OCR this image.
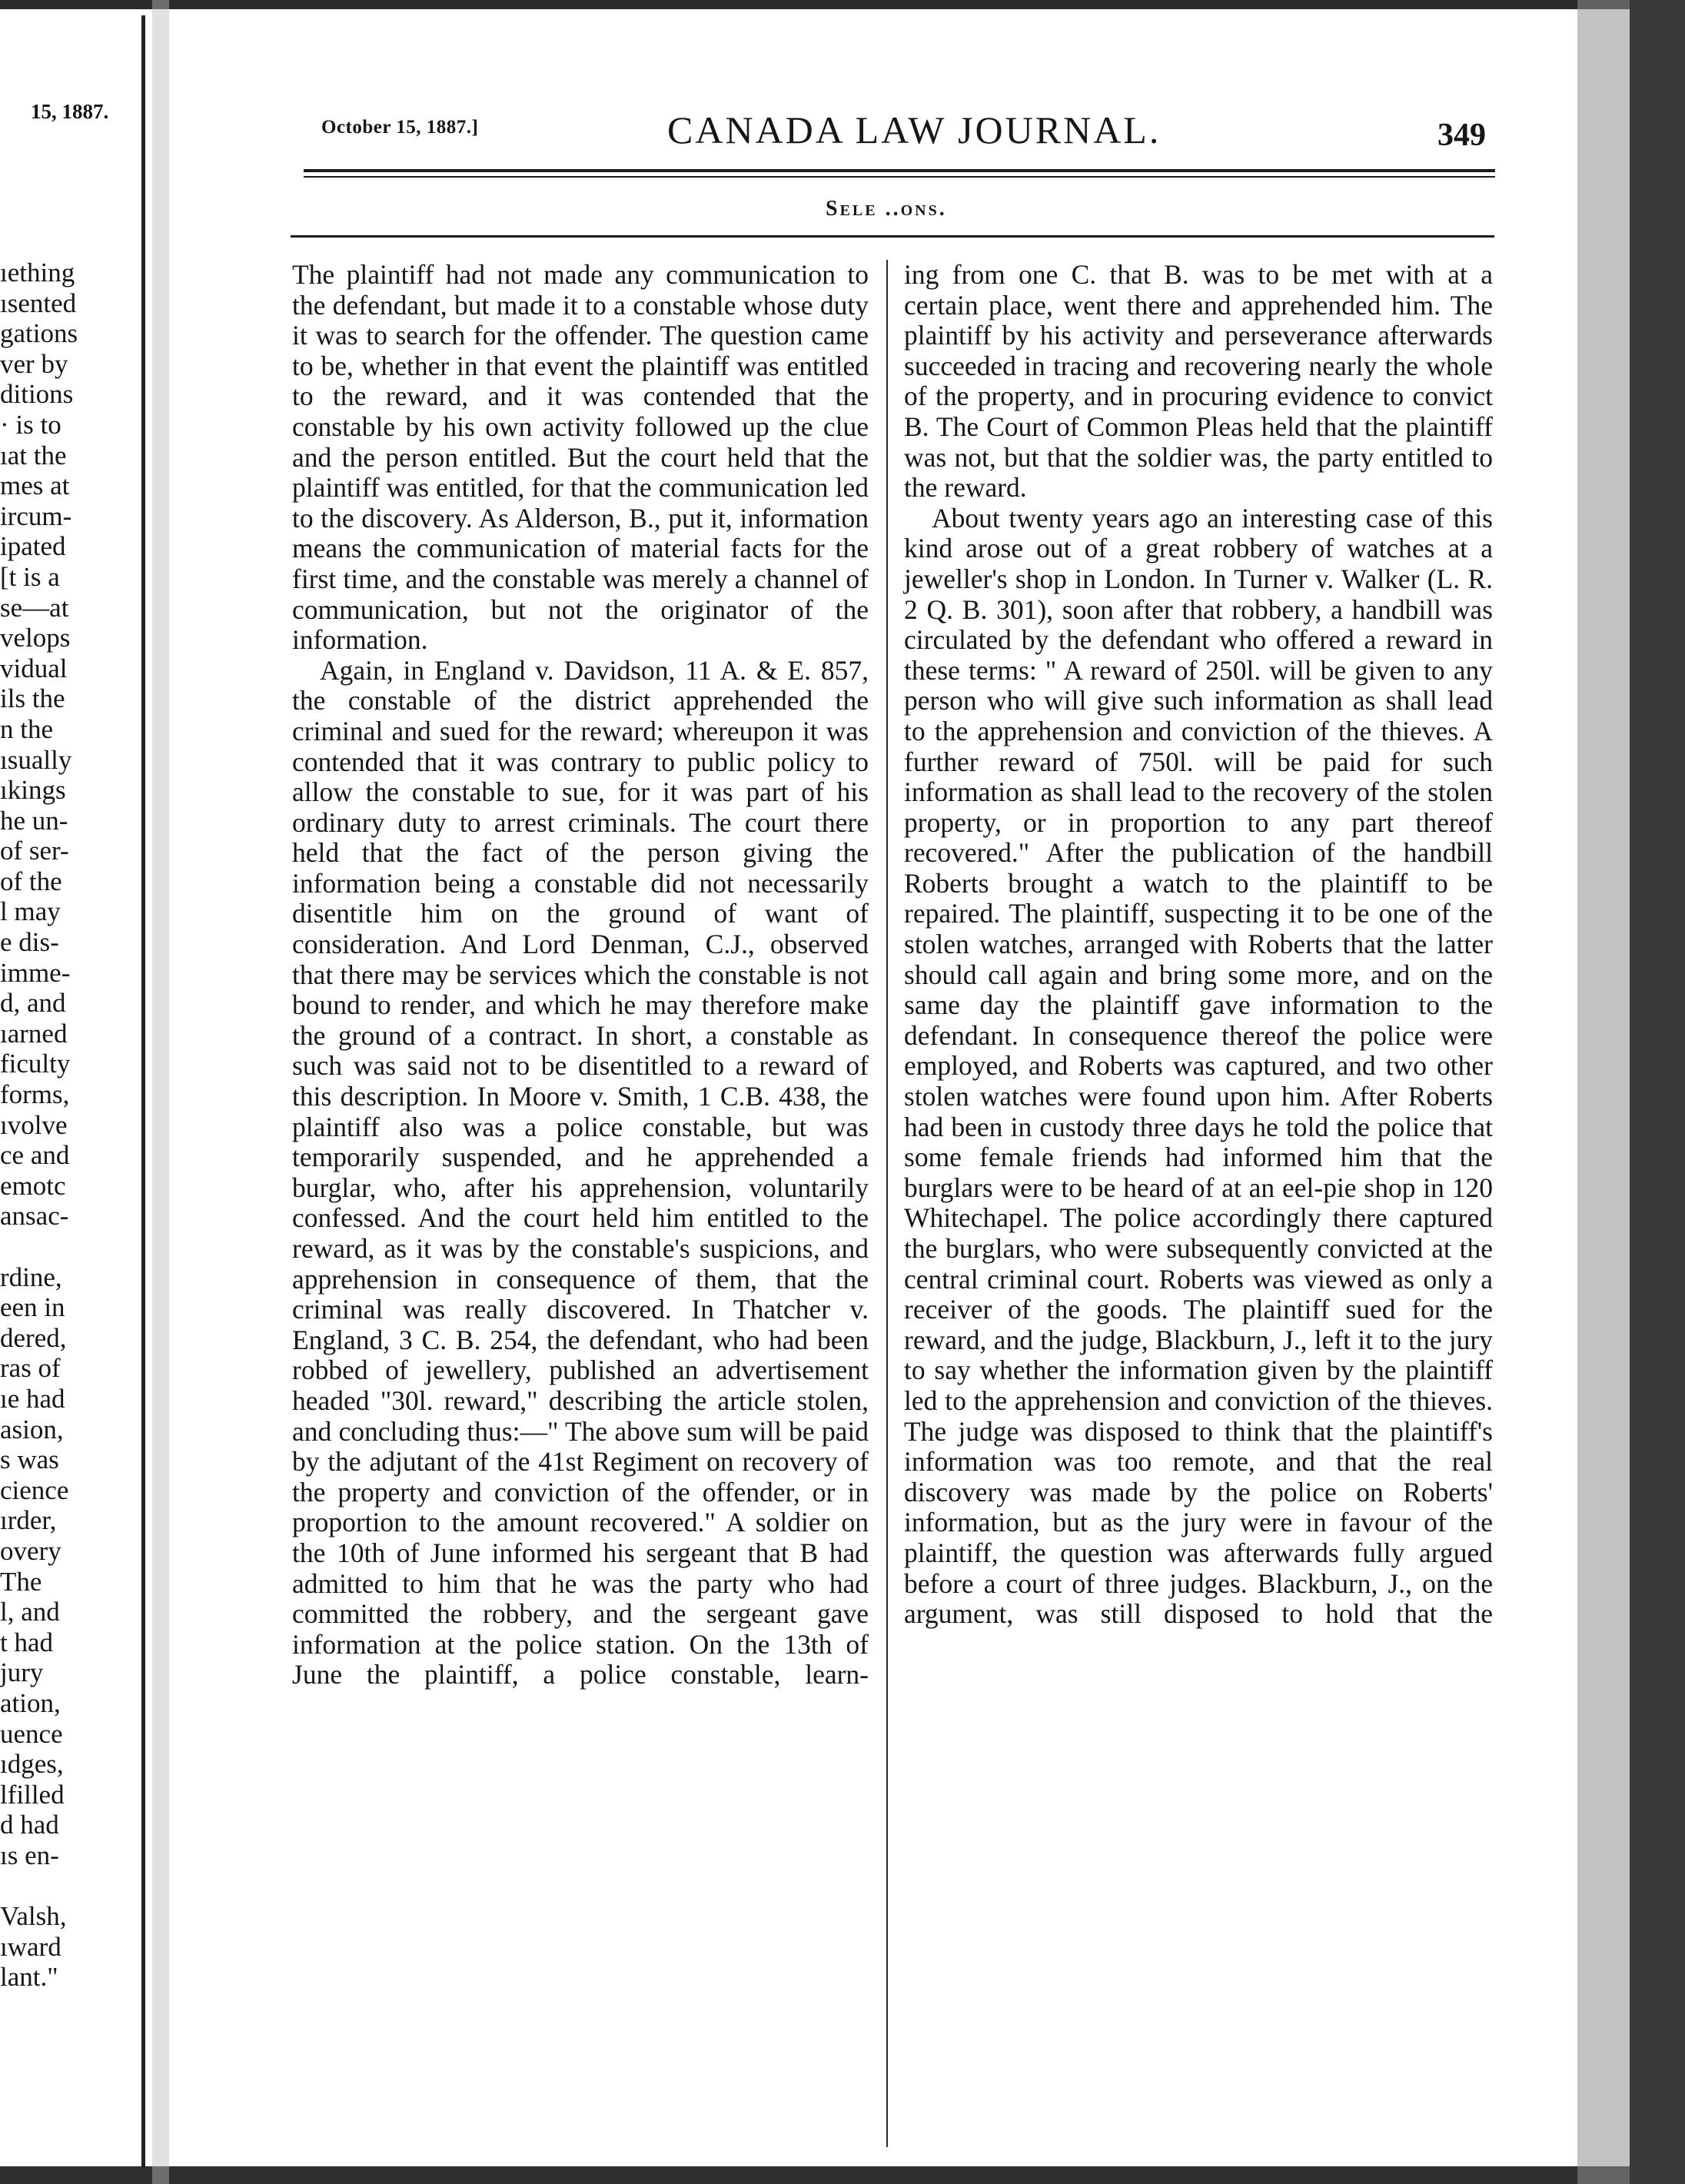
15, 1887.
ıething
ısented
gations
ver by
ditions
· is to
ıat the
mes at
ircum-
ipated
[t is a
se—at
velops
vidual
ils the
n the
ısually
ıkings
he un-
of ser-
of the
l may
e dis-
imme-
d, and
ıarned
ficulty
forms,
ıvolve
ce and
emotc
ansac-
rdine,
een in
dered,
ras of
ıe had
asion,
s was
cience
ırder,
overy
The
l, and
t had
jury
ation,
uence
ıdges,
lfilled
d had
ıs en-
Valsh,
ıward
lant."
October 15, 1887.]	CANADA LAW JOURNAL.	349
Sele ..ons.

The plaintiff had not made any communication to the defendant, but made it to a constable whose duty it was to search for the offender. The question came to be, whether in that event the plaintiff was entitled to the reward, and it was contended that the constable by his own activity followed up the clue and the person entitled. But the court held that the plaintiff was entitled, for that the communication led to the discovery. As Alderson, B., put it, information means the communication of material facts for the first time, and the constable was merely a channel of communication, but not the originator of the information.

Again, in England v. Davidson, 11 A. & E. 857, the constable of the district apprehended the criminal and sued for the reward; whereupon it was contended that it was contrary to public policy to allow the constable to sue, for it was part of his ordinary duty to arrest criminals. The court there held that the fact of the person giving the information being a constable did not necessarily disentitle him on the ground of want of consideration. And Lord Denman, C.J., observed that there may be services which the constable is not bound to render, and which he may therefore make the ground of a contract. In short, a constable as such was said not to be disentitled to a reward of this description. In Moore v. Smith, 1 C.B. 438, the plaintiff also was a police constable, but was temporarily suspended, and he apprehended a burglar, who, after his apprehension, voluntarily confessed. And the court held him entitled to the reward, as it was by the constable's suspicions, and apprehension in consequence of them, that the criminal was really discovered. In Thatcher v. England, 3 C. B. 254, the defendant, who had been robbed of jewellery, published an advertisement headed "30l. reward," describing the article stolen, and concluding thus:—" The above sum will be paid by the adjutant of the 41st Regiment on recovery of the property and conviction of the offender, or in proportion to the amount recovered." A soldier on the 10th of June informed his sergeant that B had admitted to him that he was the party who had committed the robbery, and the sergeant gave information at the police station. On the 13th of June the plaintiff, a police constable, learn-

ing from one C. that B. was to be met with at a certain place, went there and apprehended him. The plaintiff by his activity and perseverance afterwards succeeded in tracing and recovering nearly the whole of the property, and in procuring evidence to convict B. The Court of Common Pleas held that the plaintiff was not, but that the soldier was, the party entitled to the reward.

About twenty years ago an interesting case of this kind arose out of a great robbery of watches at a jeweller's shop in London. In Turner v. Walker (L. R. 2 Q. B. 301), soon after that robbery, a handbill was circulated by the defendant who offered a reward in these terms: " A reward of 250l. will be given to any person who will give such information as shall lead to the apprehension and conviction of the thieves. A further reward of 750l. will be paid for such information as shall lead to the recovery of the stolen property, or in proportion to any part thereof recovered." After the publication of the handbill Roberts brought a watch to the plaintiff to be repaired. The plaintiff, suspecting it to be one of the stolen watches, arranged with Roberts that the latter should call again and bring some more, and on the same day the plaintiff gave information to the defendant. In consequence thereof the police were employed, and Roberts was captured, and two other stolen watches were found upon him. After Roberts had been in custody three days he told the police that some female friends had informed him that the burglars were to be heard of at an eel-pie shop in 120 Whitechapel. The police accordingly there captured the burglars, who were subsequently convicted at the central criminal court. Roberts was viewed as only a receiver of the goods. The plaintiff sued for the reward, and the judge, Blackburn, J., left it to the jury to say whether the information given by the plaintiff led to the apprehension and conviction of the thieves. The judge was disposed to think that the plaintiff's information was too remote, and that the real discovery was made by the police on Roberts' information, but as the jury were in favour of the plaintiff, the question was afterwards fully argued before a court of three judges. Blackburn, J., on the argument, was still disposed to hold that the
